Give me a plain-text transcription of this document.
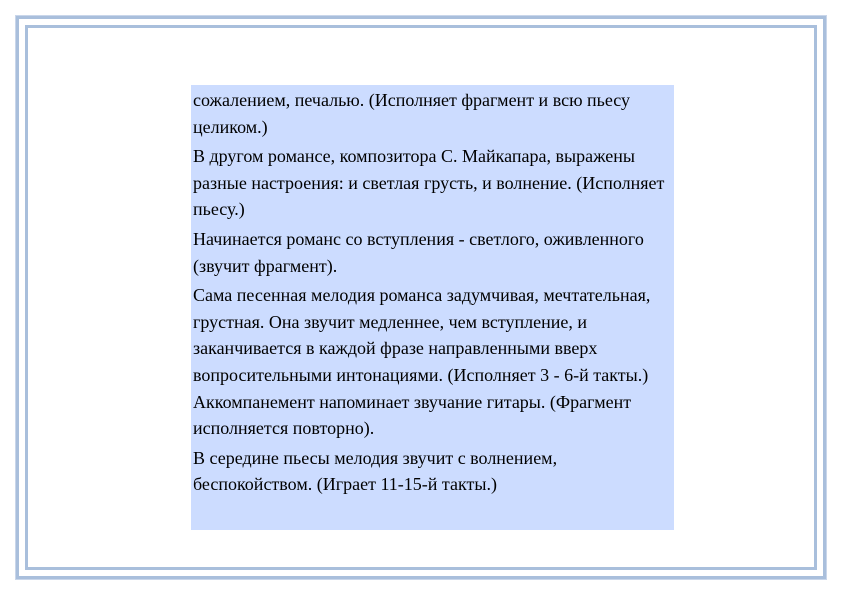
сожалением, печалью. (Исполняет фрагмент и всю пьесу целиком.)

В другом романсе, композитора С. Майкапара, выражены разные настроения: и светлая грусть, и волнение. (Исполняет пьесу.)

Начинается романс со вступления - светлого, оживленного (звучит фрагмент).

Сама песенная мелодия романса задумчивая, мечтательная, грустная. Она звучит медленнее, чем вступление, и заканчивается в каждой фразе направленными вверх вопросительными интонациями. (Исполняет 3 - 6-й такты.)

Аккомпанемент напоминает звучание гитары. (Фрагмент исполняется повторно).

В середине пьесы мелодия звучит с волнением, беспокойством. (Играет 11-15-й такты.)
